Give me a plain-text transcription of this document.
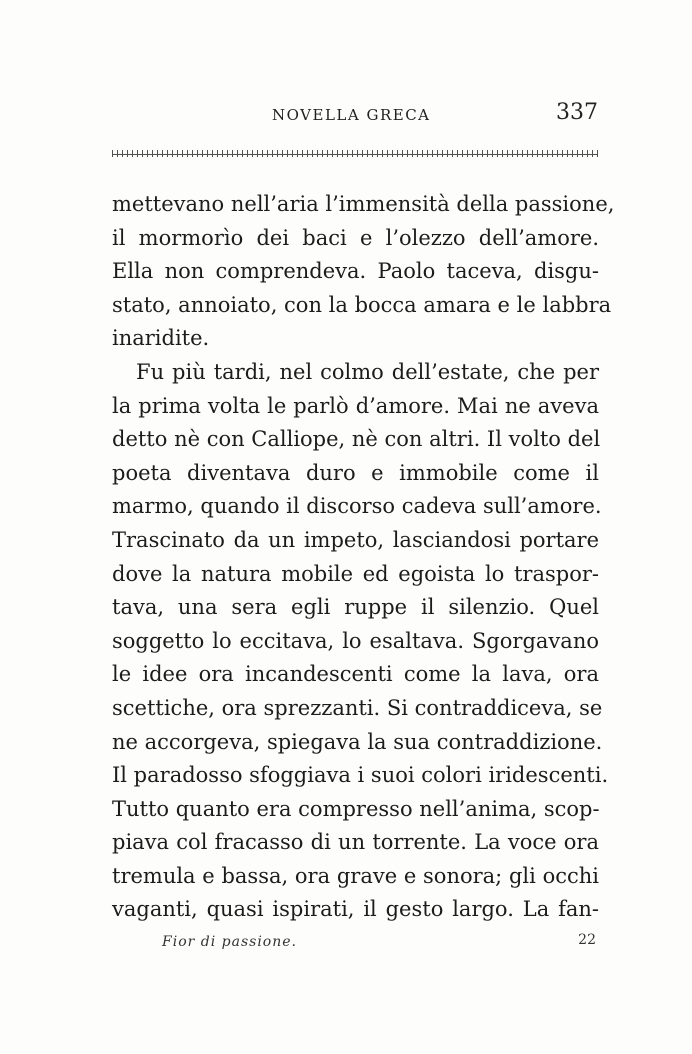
NOVELLA GRECA	337
mettevano nell’aria l’immensità della passione,
il mormorìo dei baci e l’olezzo dell’amore.
Ella non comprendeva. Paolo taceva, disgu-
stato, annoiato, con la bocca amara e le labbra
inaridite.
Fu più tardi, nel colmo dell’estate, che per
la prima volta le parlò d’amore. Mai ne aveva
detto nè con Calliope, nè con altri. Il volto del
poeta diventava duro e immobile come il
marmo, quando il discorso cadeva sull’amore.
Trascinato da un impeto, lasciandosi portare
dove la natura mobile ed egoista lo traspor-
tava, una sera egli ruppe il silenzio. Quel
soggetto lo eccitava, lo esaltava. Sgorgavano
le idee ora incandescenti come la lava, ora
scettiche, ora sprezzanti. Si contraddiceva, se
ne accorgeva, spiegava la sua contraddizione.
Il paradosso sfoggiava i suoi colori iridescenti.
Tutto quanto era compresso nell’anima, scop-
piava col fracasso di un torrente. La voce ora
tremula e bassa, ora grave e sonora; gli occhi
vaganti, quasi ispirati, il gesto largo. La fan-
Fior di passione.	22
